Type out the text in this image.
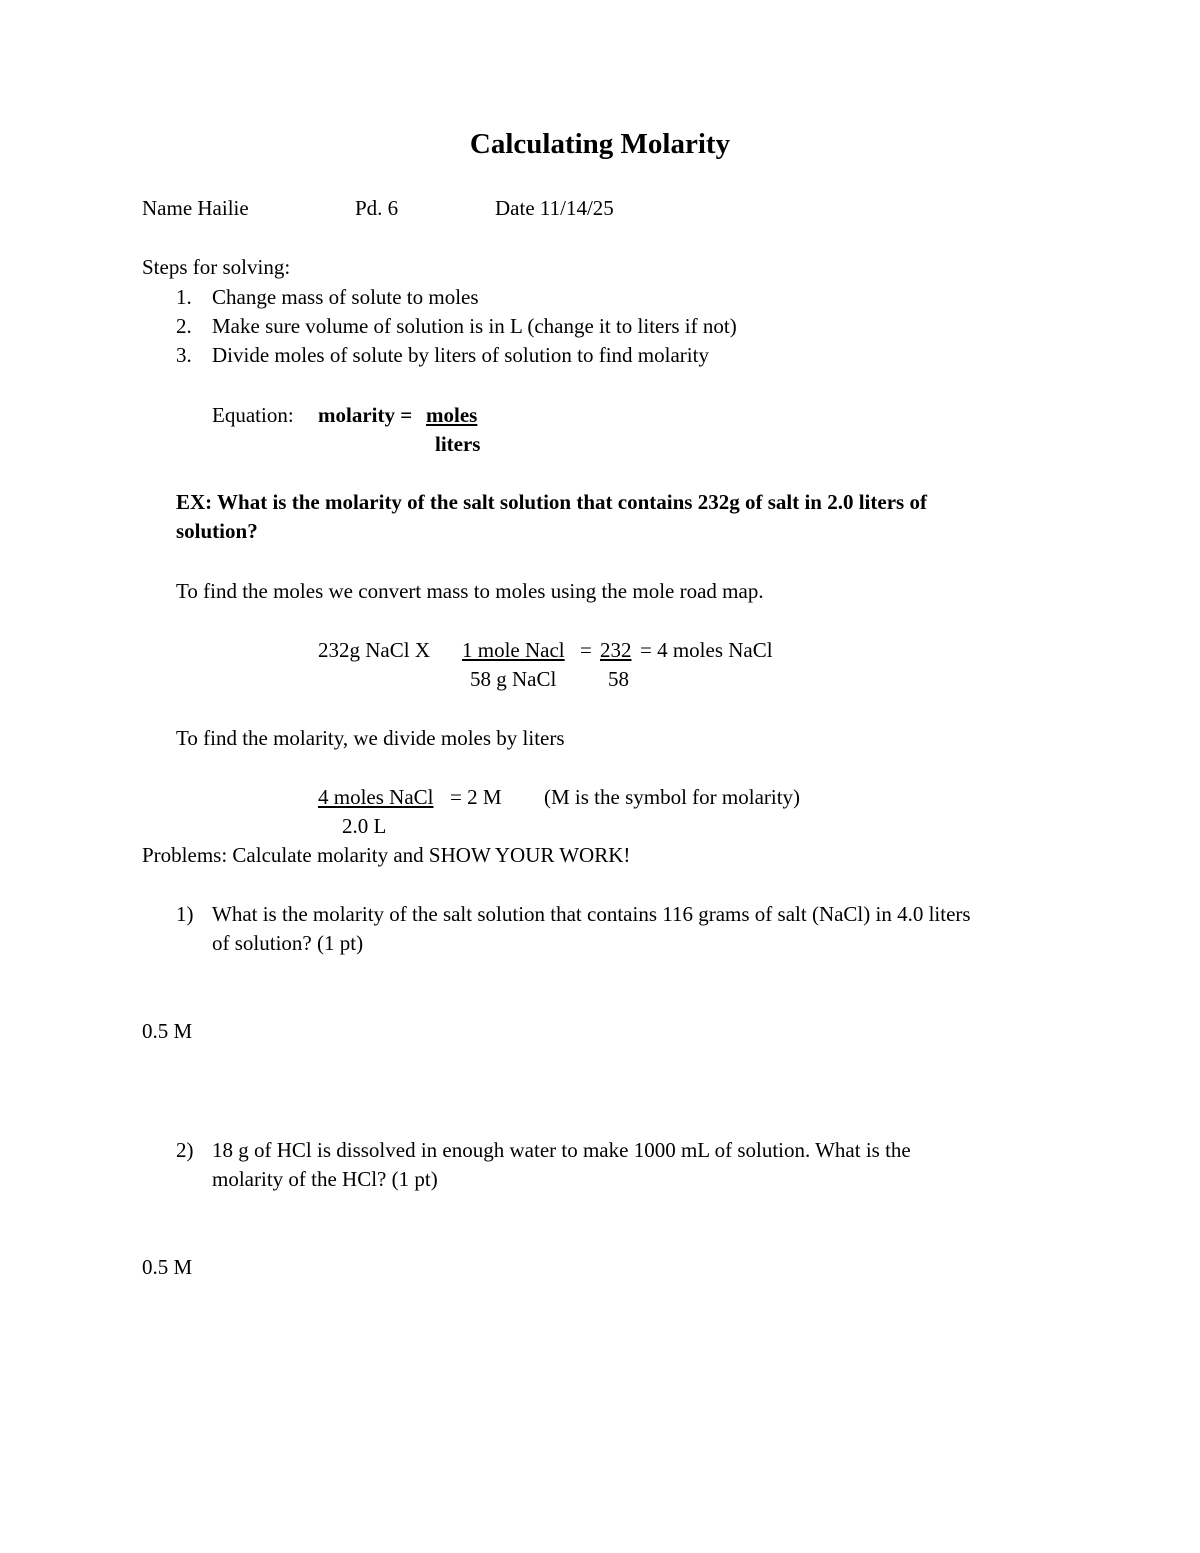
Calculating Molarity
Name Hailie	Pd. 6	Date 11/14/25
Steps for solving:
1. Change mass of solute to moles
2. Make sure volume of solution is in L (change it to liters if not)
3. Divide moles of solute by liters of solution to find molarity
Equation: molarity = moles
liters
EX: What is the molarity of the salt solution that contains 232g of salt in 2.0 liters of
solution?
To find the moles we convert mass to moles using the mole road map.
232g NaCl X 1 mole Nacl = 232 = 4 moles NaCl
58 g NaCl 58
To find the molarity, we divide moles by liters
4 moles NaCl = 2 M (M is the symbol for molarity)
2.0 L
Problems: Calculate molarity and SHOW YOUR WORK!
1) What is the molarity of the salt solution that contains 116 grams of salt (NaCl) in 4.0 liters
of solution? (1 pt)
0.5 M
2) 18 g of HCl is dissolved in enough water to make 1000 mL of solution. What is the
molarity of the HCl? (1 pt)
0.5 M
